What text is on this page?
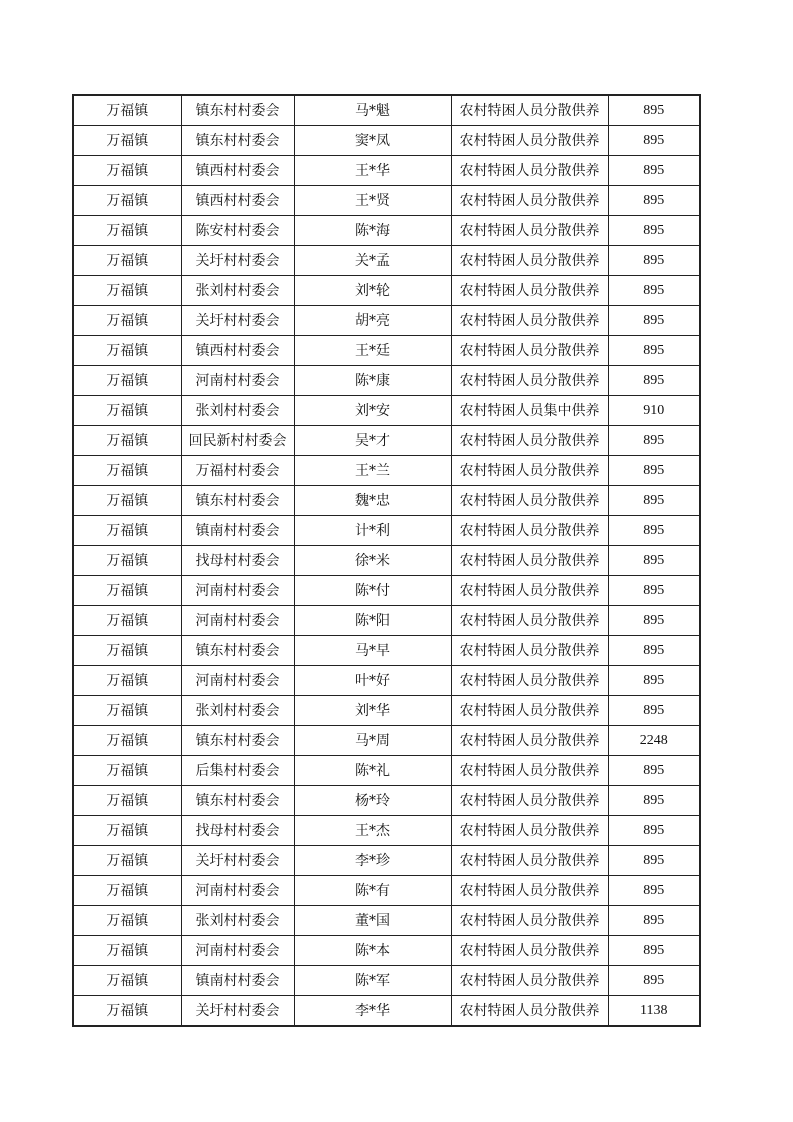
万福镇	镇东村村委会	马*魁	农村特困人员分散供养	895
万福镇	镇东村村委会	窦*凤	农村特困人员分散供养	895
万福镇	镇西村村委会	王*华	农村特困人员分散供养	895
万福镇	镇西村村委会	王*贤	农村特困人员分散供养	895
万福镇	陈安村村委会	陈*海	农村特困人员分散供养	895
万福镇	关圩村村委会	关*孟	农村特困人员分散供养	895
万福镇	张刘村村委会	刘*轮	农村特困人员分散供养	895
万福镇	关圩村村委会	胡*亮	农村特困人员分散供养	895
万福镇	镇西村村委会	王*廷	农村特困人员分散供养	895
万福镇	河南村村委会	陈*康	农村特困人员分散供养	895
万福镇	张刘村村委会	刘*安	农村特困人员集中供养	910
万福镇	回民新村村委会	吴*才	农村特困人员分散供养	895
万福镇	万福村村委会	王*兰	农村特困人员分散供养	895
万福镇	镇东村村委会	魏*忠	农村特困人员分散供养	895
万福镇	镇南村村委会	计*利	农村特困人员分散供养	895
万福镇	找母村村委会	徐*米	农村特困人员分散供养	895
万福镇	河南村村委会	陈*付	农村特困人员分散供养	895
万福镇	河南村村委会	陈*阳	农村特困人员分散供养	895
万福镇	镇东村村委会	马*早	农村特困人员分散供养	895
万福镇	河南村村委会	叶*好	农村特困人员分散供养	895
万福镇	张刘村村委会	刘*华	农村特困人员分散供养	895
万福镇	镇东村村委会	马*周	农村特困人员分散供养	2248
万福镇	后集村村委会	陈*礼	农村特困人员分散供养	895
万福镇	镇东村村委会	杨*玲	农村特困人员分散供养	895
万福镇	找母村村委会	王*杰	农村特困人员分散供养	895
万福镇	关圩村村委会	李*珍	农村特困人员分散供养	895
万福镇	河南村村委会	陈*有	农村特困人员分散供养	895
万福镇	张刘村村委会	董*国	农村特困人员分散供养	895
万福镇	河南村村委会	陈*本	农村特困人员分散供养	895
万福镇	镇南村村委会	陈*军	农村特困人员分散供养	895
万福镇	关圩村村委会	李*华	农村特困人员分散供养	1138
